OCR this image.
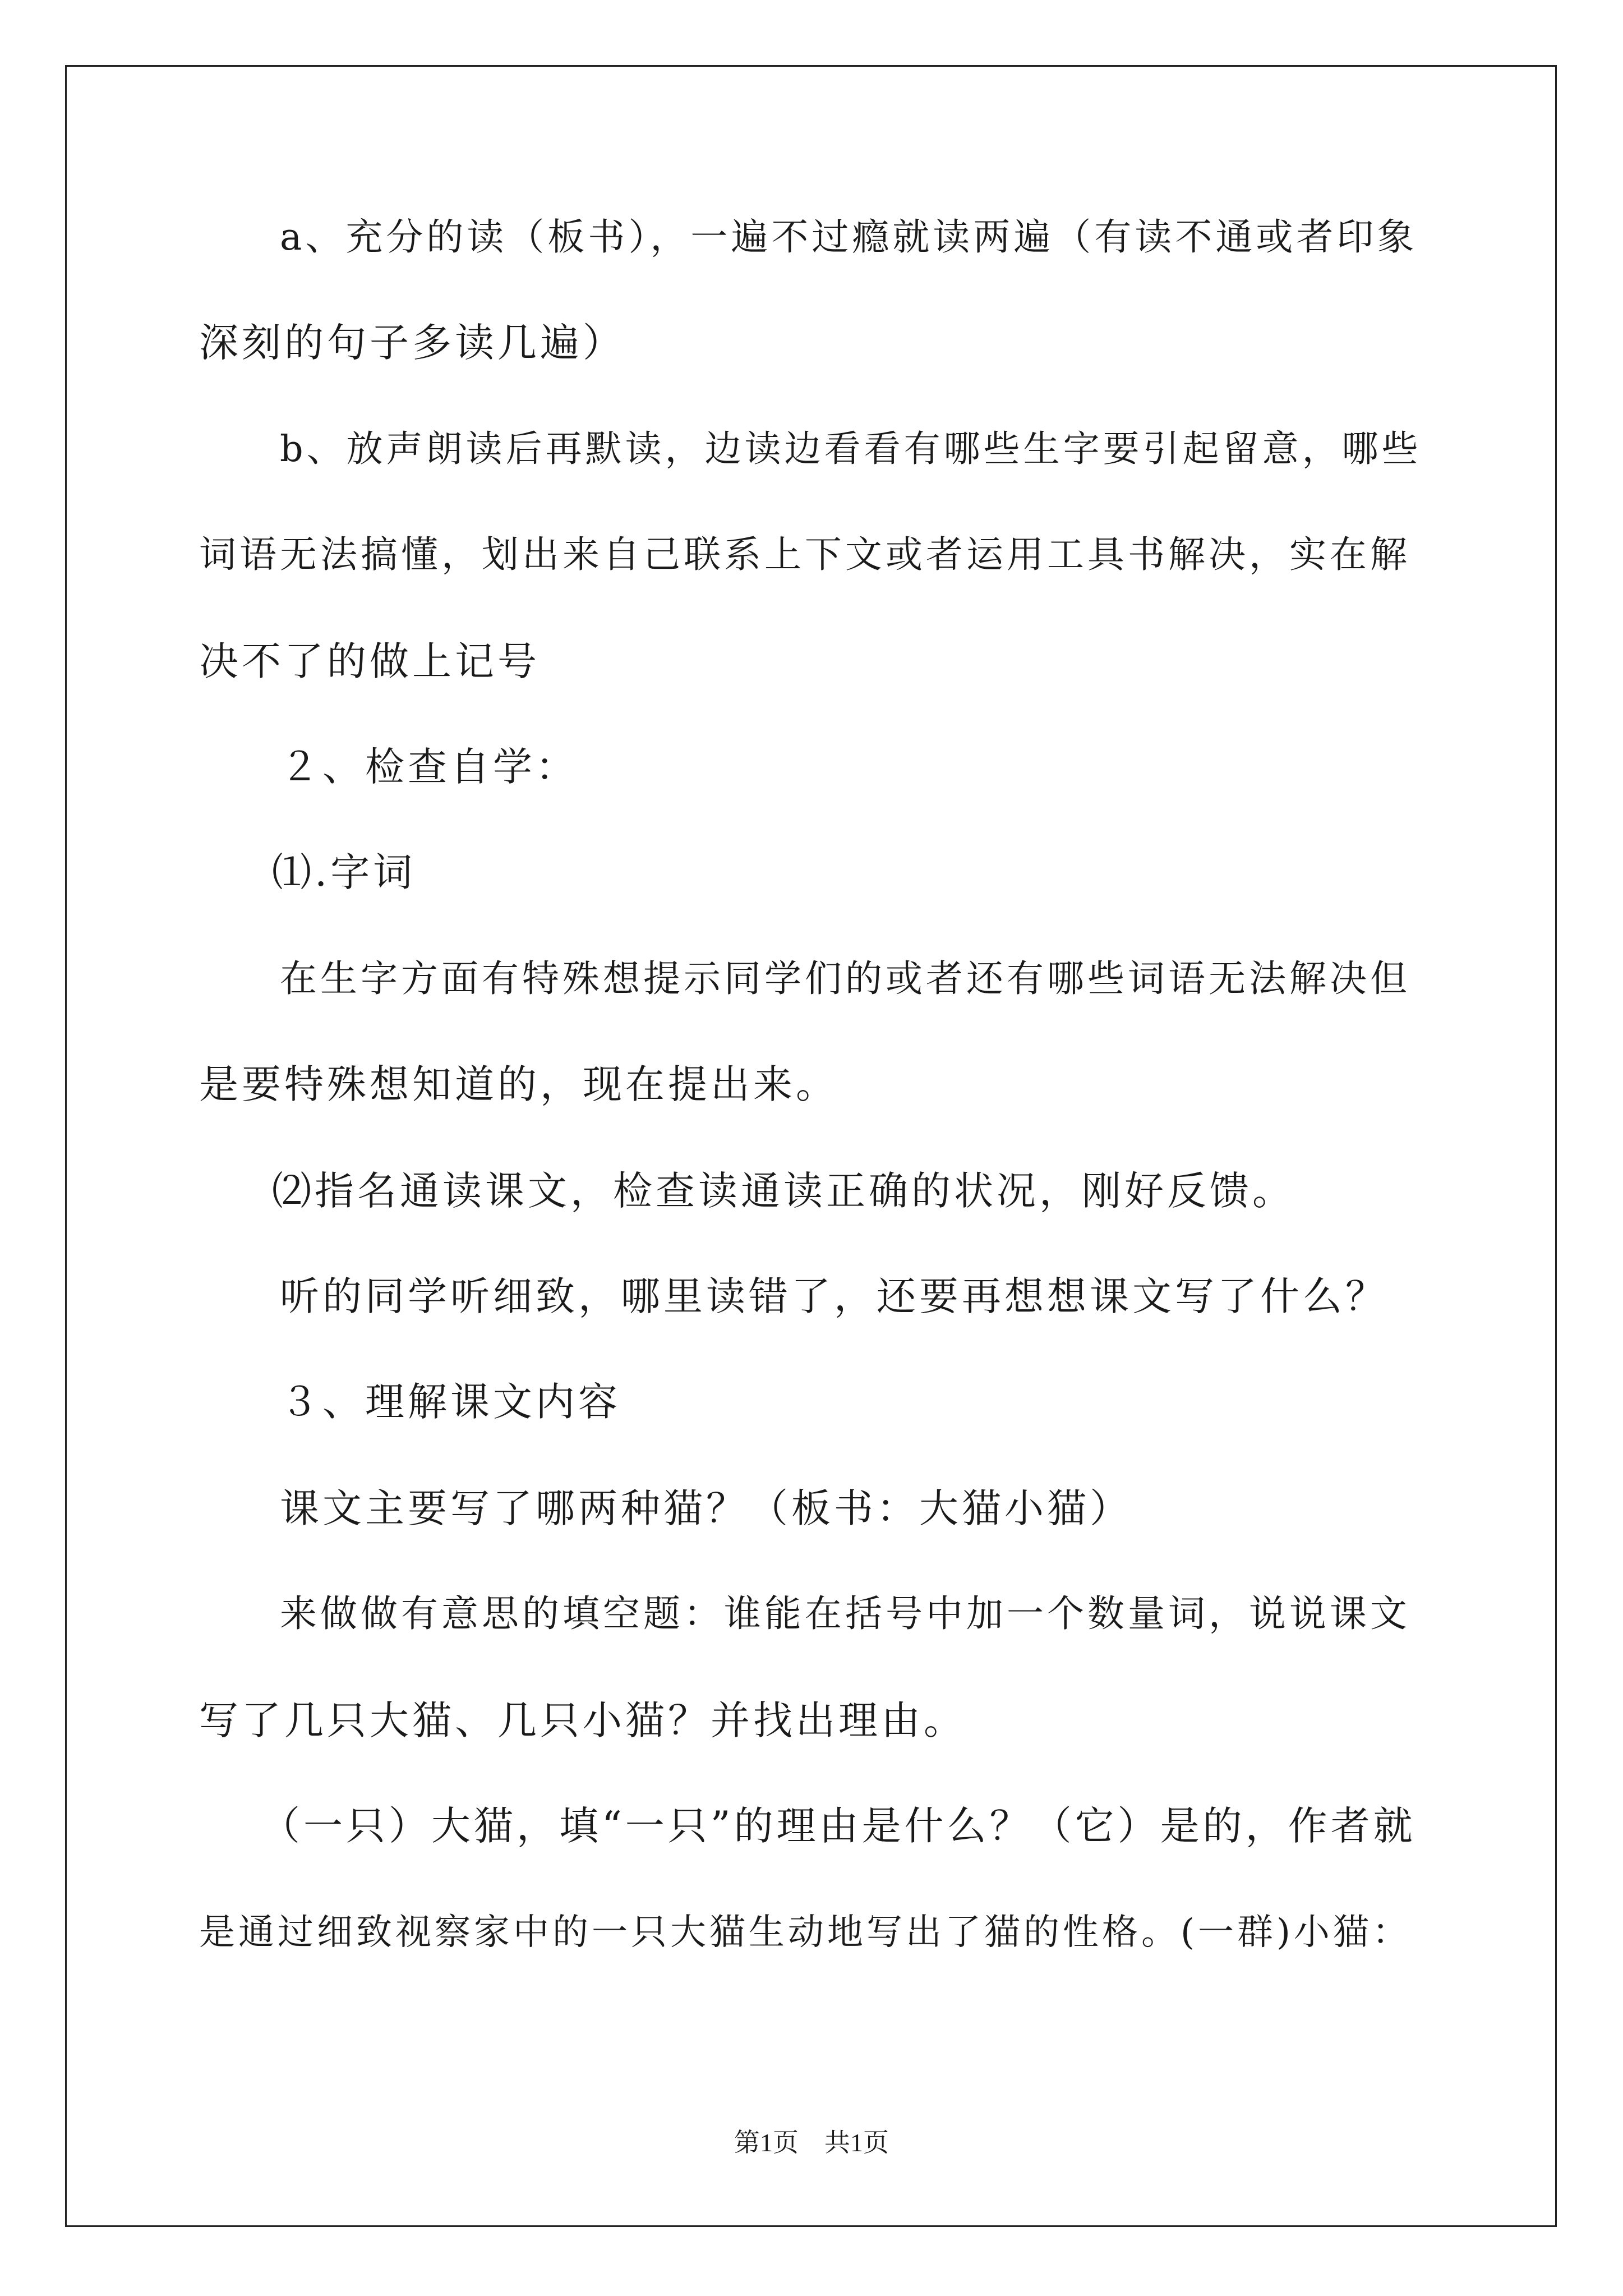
a、充分的读（板书），一遍不过瘾就读两遍（有读不通或者印象
深刻的句子多读几遍）
b、放声朗读后再默读，边读边看看有哪些生字要引起留意，哪些
词语无法搞懂，划出来自己联系上下文或者运用工具书解决，实在解
决不了的做上记号
２、检查自学：
⑴.字词
在生字方面有特殊想提示同学们的或者还有哪些词语无法解决但
是要特殊想知道的，现在提出来。
⑵指名通读课文，检查读通读正确的状况，刚好反馈。
听的同学听细致，哪里读错了，还要再想想课文写了什么？
３、理解课文内容
课文主要写了哪两种猫？（板书：大猫小猫）
来做做有意思的填空题：谁能在括号中加一个数量词，说说课文
写了几只大猫、几只小猫？并找出理由。
（一只）大猫，填“一只”的理由是什么？（它）是的，作者就
是通过细致视察家中的一只大猫生动地写出了猫的性格。(一群)小猫：
第1页　共1页
